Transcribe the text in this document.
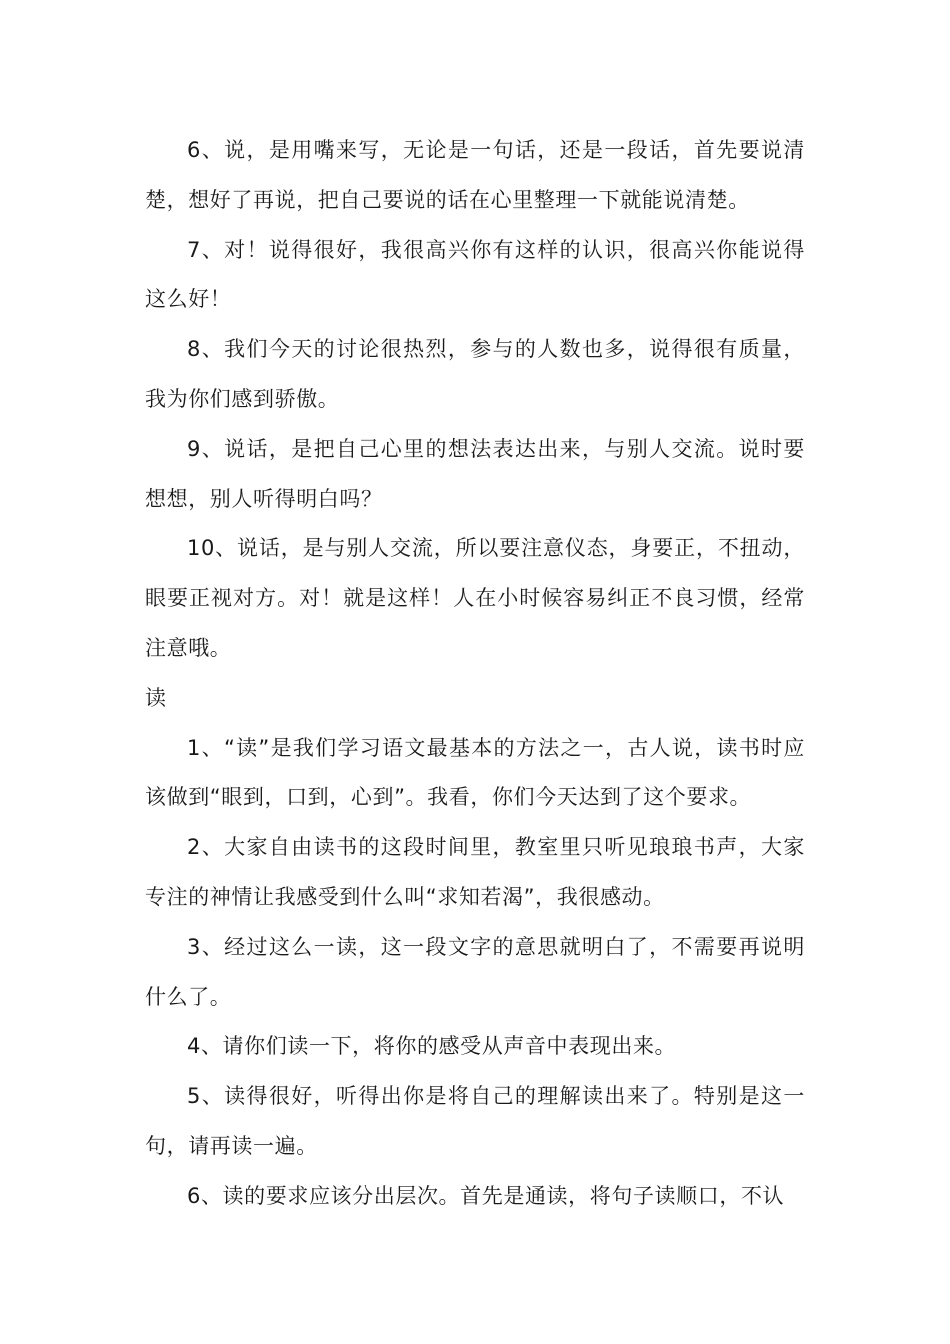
6、说，是用嘴来写，无论是一句话，还是一段话，首先要说清楚，想好了再说，把自己要说的话在心里整理一下就能说清楚。

7、对！说得很好，我很高兴你有这样的认识，很高兴你能说得这么好！

8、我们今天的讨论很热烈，参与的人数也多，说得很有质量，我为你们感到骄傲。

9、说话，是把自己心里的想法表达出来，与别人交流。说时要想想，别人听得明白吗？

10、说话，是与别人交流，所以要注意仪态，身要正，不扭动，眼要正视对方。对！就是这样！人在小时候容易纠正不良习惯，经常注意哦。

读

1、“读”是我们学习语文最基本的方法之一，古人说，读书时应该做到“眼到，口到，心到”。我看，你们今天达到了这个要求。

2、大家自由读书的这段时间里，教室里只听见琅琅书声，大家专注的神情让我感受到什么叫“求知若渴”，我很感动。

3、经过这么一读，这一段文字的意思就明白了，不需要再说明什么了。

4、请你们读一下，将你的感受从声音中表现出来。

5、读得很好，听得出你是将自己的理解读出来了。特别是这一句，请再读一遍。

6、读的要求应该分出层次。首先是通读，将句子读顺口，不认
